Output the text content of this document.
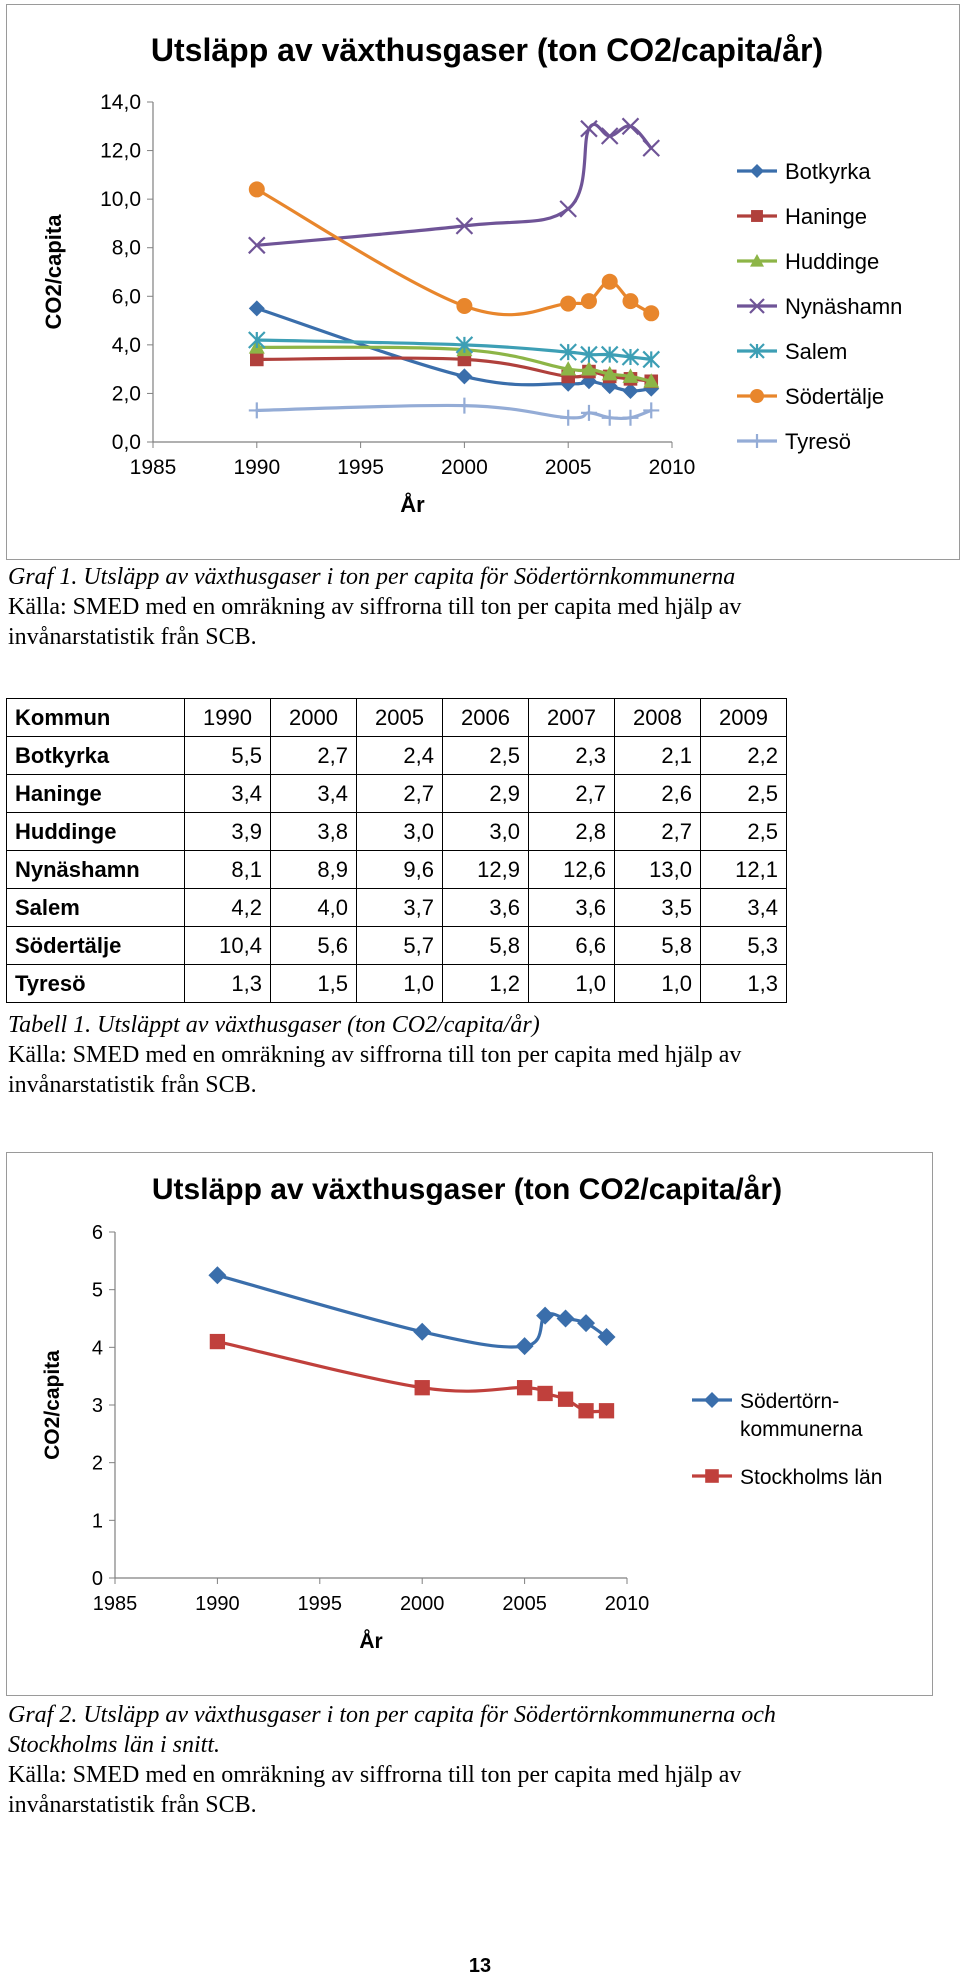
Utsläpp av växthusgaser (ton CO2/capita/år)
0,0
2,0
4,0
6,0
8,0
10,0
12,0
14,0
1985	1990	1995	2000	2005	2010
År
CO2/capita
Botkyrka
Haninge
Huddinge
Nynäshamn
Salem
Södertälje
Tyresö
Graf 1. Utsläpp av växthusgaser i ton per capita för Södertörnkommunerna
Källa: SMED med en omräkning av siffrorna till ton per capita med hjälp av
invånarstatistik från SCB.
Kommun	1990	2000	2005	2006	2007	2008	2009
Botkyrka	5,5	2,7	2,4	2,5	2,3	2,1	2,2
Haninge	3,4	3,4	2,7	2,9	2,7	2,6	2,5
Huddinge	3,9	3,8	3,0	3,0	2,8	2,7	2,5
Nynäshamn	8,1	8,9	9,6	12,9	12,6	13,0	12,1
Salem	4,2	4,0	3,7	3,6	3,6	3,5	3,4
Södertälje	10,4	5,6	5,7	5,8	6,6	5,8	5,3
Tyresö	1,3	1,5	1,0	1,2	1,0	1,0	1,3
Tabell 1. Utsläppt av växthusgaser (ton CO2/capita/år)
Källa: SMED med en omräkning av siffrorna till ton per capita med hjälp av
invånarstatistik från SCB.
Utsläpp av växthusgaser (ton CO2/capita/år)
0
1
2
3
4
5
6
1985	1990	1995	2000	2005	2010
År
CO2/capita	Södertörn-
kommunerna
Stockholms län
Graf 2. Utsläpp av växthusgaser i ton per capita för Södertörnkommunerna och
Stockholms län i snitt.
Källa: SMED med en omräkning av siffrorna till ton per capita med hjälp av
invånarstatistik från SCB.
13
